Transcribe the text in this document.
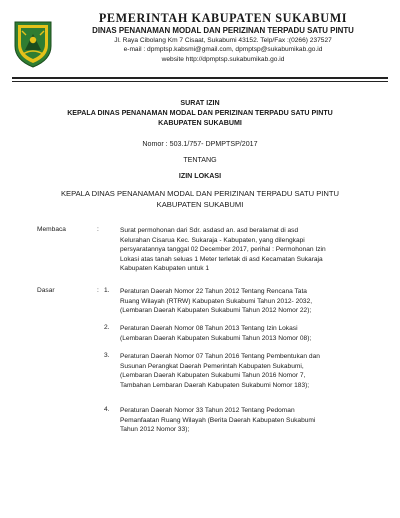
PEMERINTAH KABUPATEN SUKABUMI
DINAS PENANAMAN MODAL DAN PERIZINAN TERPADU SATU PINTU
Jl. Raya Cibolang Km 7 Cisaat, Sukabumi 43152. Telp/Fax :(0266) 237527
e-mail : dpmptsp.kabsmi@gmail.com, dpmptsp@sukabumikab.go.id
website http://dpmptsp.sukabumikab.go.id
SURAT IZIN
KEPALA DINAS PENANAMAN MODAL DAN PERIZINAN TERPADU SATU PINTU
KABUPATEN SUKABUMI
Nomor : 503.1/757- DPMPTSP/2017
TENTANG
IZIN LOKASI
KEPALA DINAS PENANAMAN MODAL DAN PERIZINAN TERPADU SATU PINTU
KABUPATEN SUKABUMI
Membaca	:	Surat permohonan dari Sdr. asdasd an. asd beralamat di asd
Kelurahan Cisarua Kec. Sukaraja - Kabupaten, yang dilengkapi
persyaratannya tanggal 02 December 2017, perihal : Permohonan Izin
Lokasi atas tanah seluas 1 Meter terletak di asd Kecamatan Sukaraja
Kabupaten Kabupaten untuk 1
Dasar	: 1. Peraturan Daerah Nomor 22 Tahun 2012 Tentang Rencana Tata
Ruang Wilayah (RTRW) Kabupaten Sukabumi Tahun 2012- 2032,
(Lembaran Daerah Kabupaten Sukabumi Tahun 2012 Nomor 22);
2. Peraturan Daerah Nomor 08 Tahun 2013 Tentang Izin Lokasi
(Lembaran Daerah Kabupaten Sukabumi Tahun 2013 Nomor 08);
3. Peraturan Daerah Nomor 07 Tahun 2016 Tentang Pembentukan dan
Susunan Perangkat Daerah Pemerintah Kabupaten Sukabumi,
(Lembaran Daerah Kabupaten Sukabumi Tahun 2016 Nomor 7,
Tambahan Lembaran Daerah Kabupaten Sukabumi Nomor 183);
4. Peraturan Daerah Nomor 33 Tahun 2012 Tentang Pedoman
Pemanfaatan Ruang Wilayah (Berita Daerah Kabupaten Sukabumi
Tahun 2012 Nomor 33);
